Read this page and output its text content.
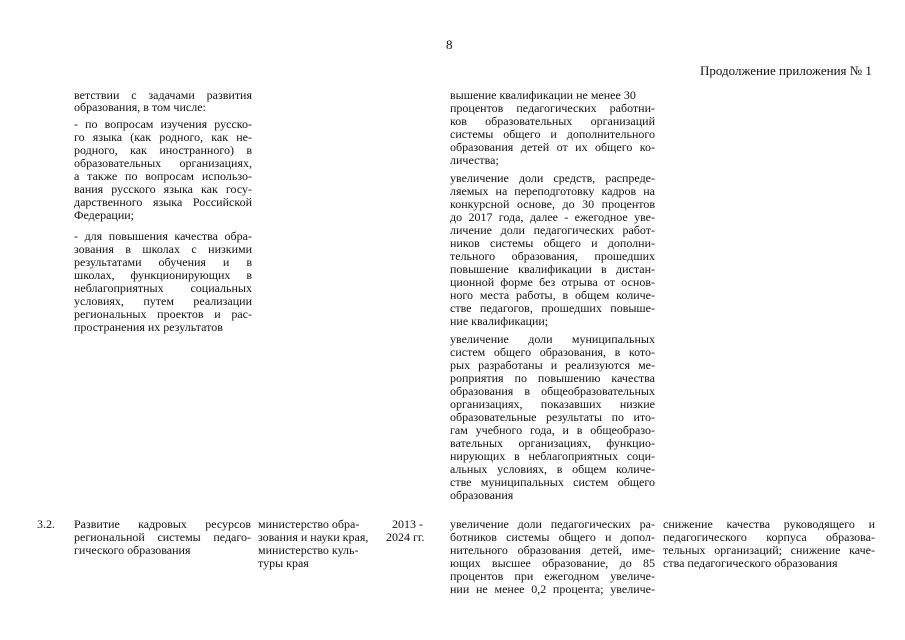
8
Продолжение приложения № 1
ветствии с задачами развития
образования, в том числе:
- по вопросам изучения русско-
го языка (как родного, как не-
родного, как иностранного) в
образовательных организациях,
а также по вопросам использо-
вания русского языка как госу-
дарственного языка Российской
Федерации;
- для повышения качества обра-
зования в школах с низкими
результатами обучения и в
школах, функционирующих в
неблагоприятных социальных
условиях, путем реализации
региональных проектов и рас-
пространения их результатов
вышение квалификации не менее 30
процентов педагогических работни-
ков образовательных организаций
системы общего и дополнительного
образования детей от их общего ко-
личества;
увеличение доли средств, распреде-
ляемых на переподготовку кадров на
конкурсной основе, до 30 процентов
до 2017 года, далее - ежегодное уве-
личение доли педагогических работ-
ников системы общего и дополни-
тельного образования, прошедших
повышение квалификации в дистан-
ционной форме без отрыва от основ-
ного места работы, в общем количе-
стве педагогов, прошедших повыше-
ние квалификации;
увеличение доли муниципальных
систем общего образования, в кото-
рых разработаны и реализуются ме-
роприятия по повышению качества
образования в общеобразовательных
организациях, показавших низкие
образовательные результаты по ито-
гам учебного года, и в общеобразо-
вательных организациях, функцио-
нирующих в неблагоприятных соци-
альных условиях, в общем количе-
стве муниципальных систем общего
образования
3.2. Развитие кадровых ресурсов
региональной системы педаго-
гического образования
министерство обра-
зования и науки края,
министерство куль-
туры края
2013 -
2024 гг.
увеличение доли педагогических ра-
ботников системы общего и допол-
нительного образования детей, име-
ющих высшее образование, до 85
процентов при ежегодном увеличе-
нии не менее 0,2 процента; увеличе-
снижение качества руководящего и
педагогического корпуса образова-
тельных организаций; снижение каче-
ства педагогического образования
